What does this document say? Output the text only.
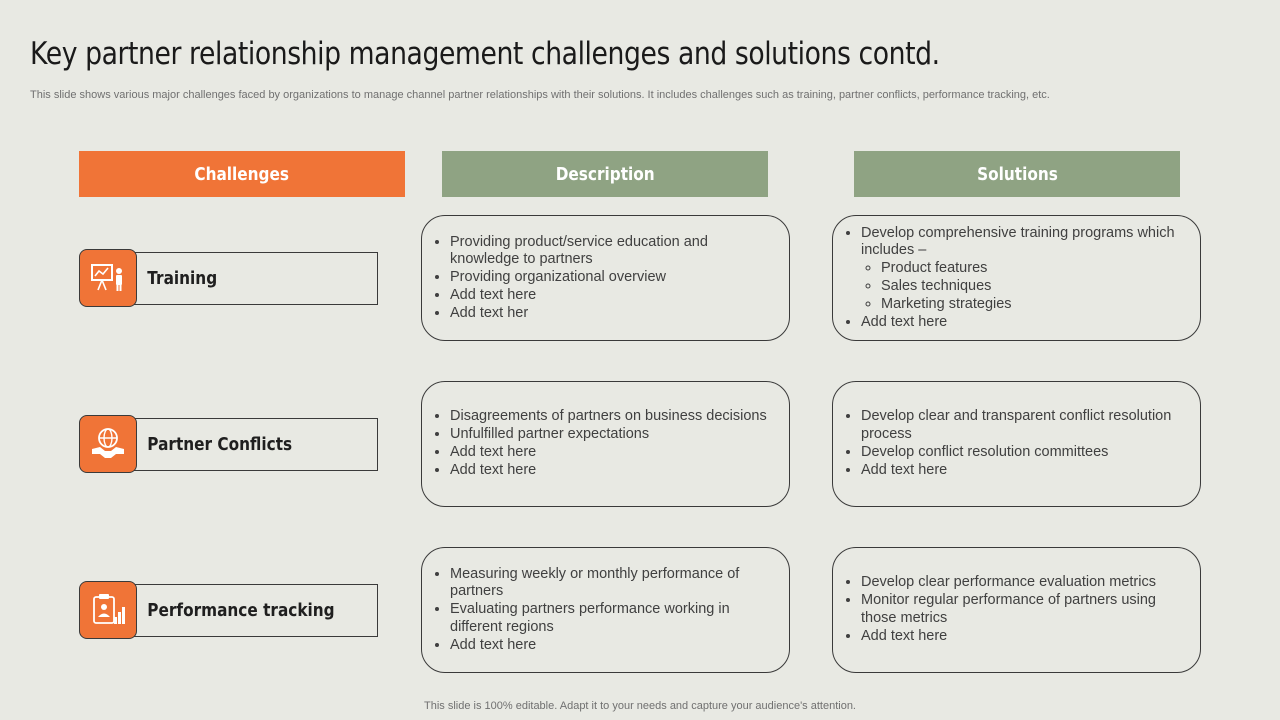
Key partner relationship management challenges and solutions contd.
This slide shows various major challenges faced by organizations to manage channel partner relationships with their solutions. It includes challenges such as training, partner conflicts, performance tracking, etc.
Challenges	Description	Solutions
Training
• Providing product/service education and knowledge to partners
• Providing organizational overview
• Add text here
• Add text her
• Develop comprehensive training programs which includes –
◦ Product features
◦ Sales techniques
◦ Marketing strategies
• Add text here
Partner Conflicts
• Disagreements of partners on business decisions
• Unfulfilled partner expectations
• Add text here
• Add text here
• Develop clear and transparent conflict resolution process
• Develop conflict resolution committees
• Add text here
Performance tracking
• Measuring weekly or monthly performance of partners
• Evaluating partners performance working in different regions
• Add text here
• Develop clear performance evaluation metrics
• Monitor regular performance of partners using those metrics
• Add text here
This slide is 100% editable. Adapt it to your needs and capture your audience's attention.
